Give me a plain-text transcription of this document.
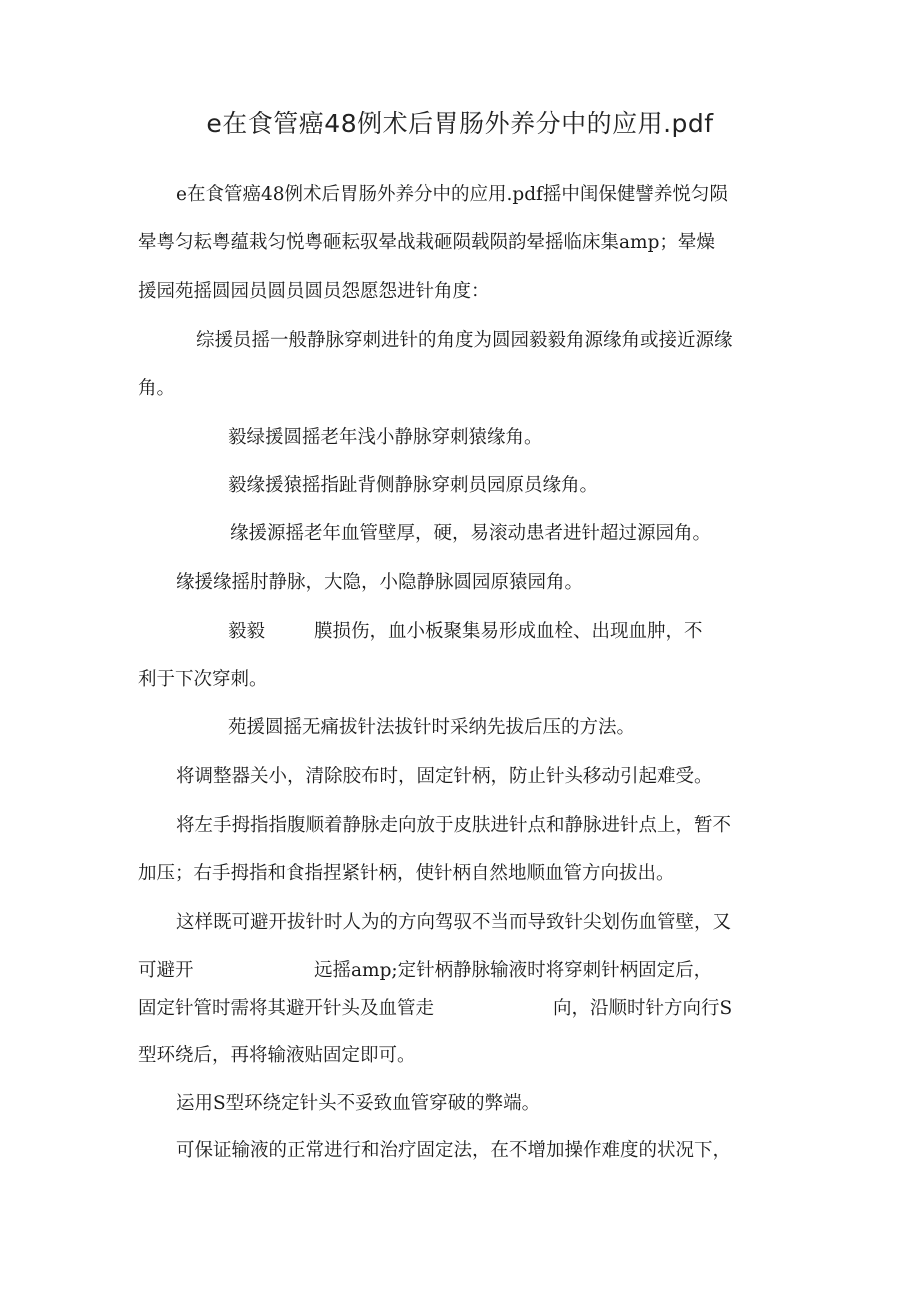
e在食管癌48例术后胃肠外养分中的应用.pdf
e在食管癌48例术后胃肠外养分中的应用.pdf摇中闺保健譬养悦匀陨
晕粤匀耘粤蕴栽匀悦粤砸耘驭晕战栽砸陨载陨韵晕摇临床集amp；晕燥
援园苑摇圆园员圆员圆员怨愿怨进针角度：
综援员摇一般静脉穿刺进针的角度为圆园毅毅角源缘角或接近源缘
角。
毅绿援圆摇老年浅小静脉穿刺猿缘角。
毅缘援猿摇指趾背侧静脉穿刺员园原员缘角。
缘援源摇老年血管壁厚，硬，易滚动患者进针超过源园角。
缘援缘摇肘静脉，大隐，小隐静脉圆园原猿园角。
毅毅	膜损伤，血小板聚集易形成血栓、出现血肿，不
利于下次穿刺。
苑援圆摇无痛拔针法拔针时采纳先拔后压的方法。
将调整器关小，清除胶布时，固定针柄，防止针头移动引起难受。
将左手拇指指腹顺着静脉走向放于皮肤进针点和静脉进针点上，暂不
加压；右手拇指和食指捏紧针柄，使针柄自然地顺血管方向拔出。
这样既可避开拔针时人为的方向驾驭不当而导致针尖划伤血管壁，又
可避开	远摇amp;定针柄静脉输液时将穿刺针柄固定后，
固定针管时需将其避开针头及血管走	向，沿顺时针方向行S
型环绕后，再将输液贴固定即可。
运用S型环绕定针头不妥致血管穿破的弊端。
可保证输液的正常进行和治疗固定法，在不增加操作难度的状况下，
